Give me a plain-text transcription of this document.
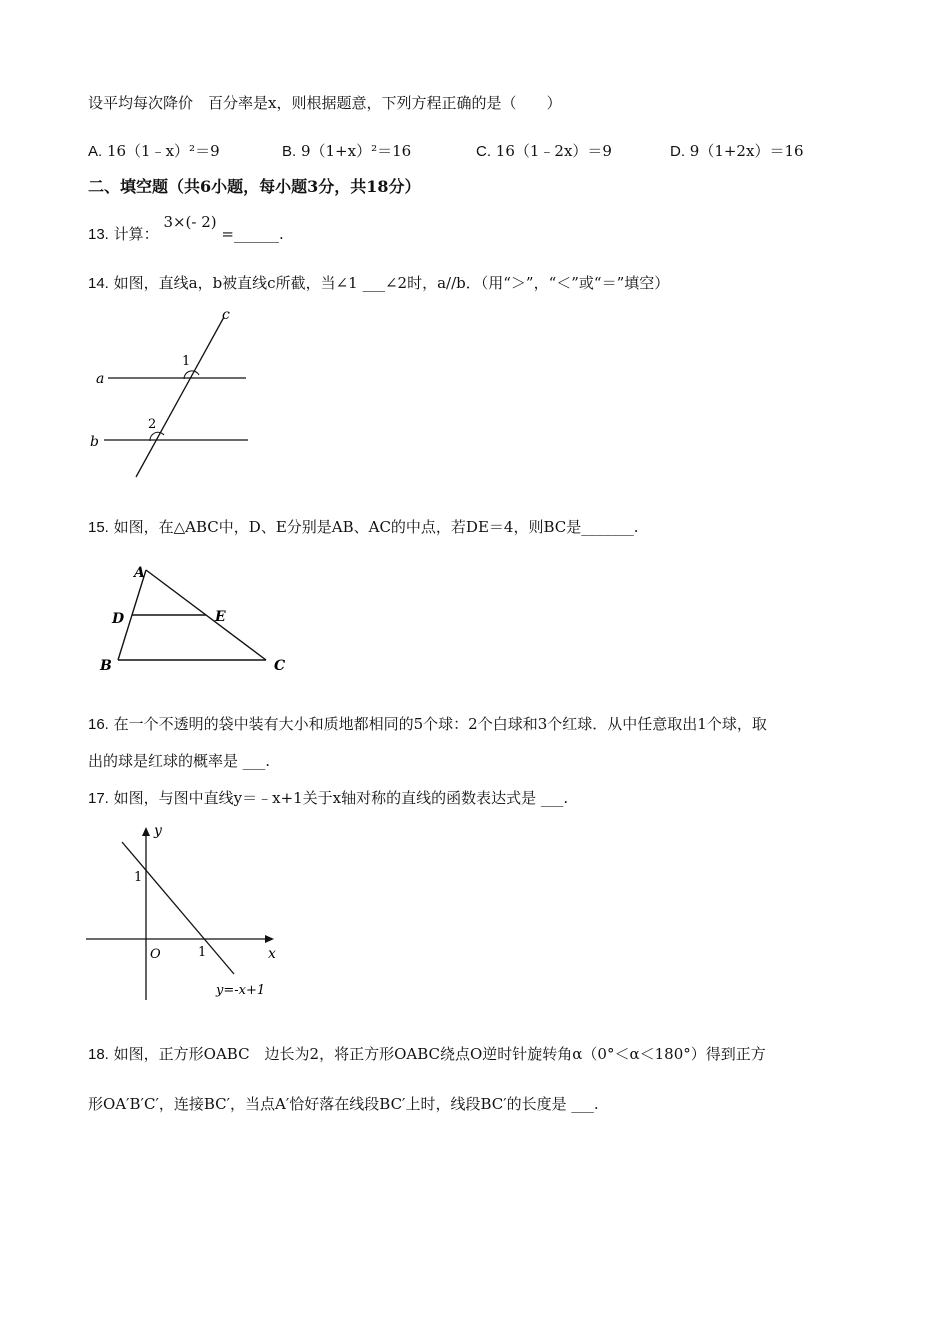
设平均每次降价　百分率是x，则根据题意，下列方程正确的是（　　）
A. 16（1﹣x）²＝9	B. 9（1+x）²＝16	C. 16（1﹣2x）＝9	D. 9（1+2x）＝16
二、填空题（共6小题，每小题3分，共18分）
13. 计算： 3×(- 2) =______.
14. 如图，直线a，b被直线c所截，当∠1 ___∠2时，a//b．（用“＞”，“＜”或“＝”填空）
c
a
b
1
2
15. 如图，在△ABC中，D、E分别是AB、AC的中点，若DE＝4，则BC是_______.
A
D	E
B	C
16. 在一个不透明的袋中装有大小和质地都相同的5个球：2个白球和3个红球．从中任意取出1个球，取
出的球是红球的概率是 ___.
17. 如图，与图中直线y＝﹣x+1关于x轴对称的直线的函数表达式是 ___.
y
x
O
1
1
y=-x+1
18. 如图，正方形OABC　边长为2，将正方形OABC绕点O逆时针旋转角α（0°＜α＜180°）得到正方
形OA′B′C′，连接BC′，当点A′恰好落在线段BC′上时，线段BC′的长度是 ___.
